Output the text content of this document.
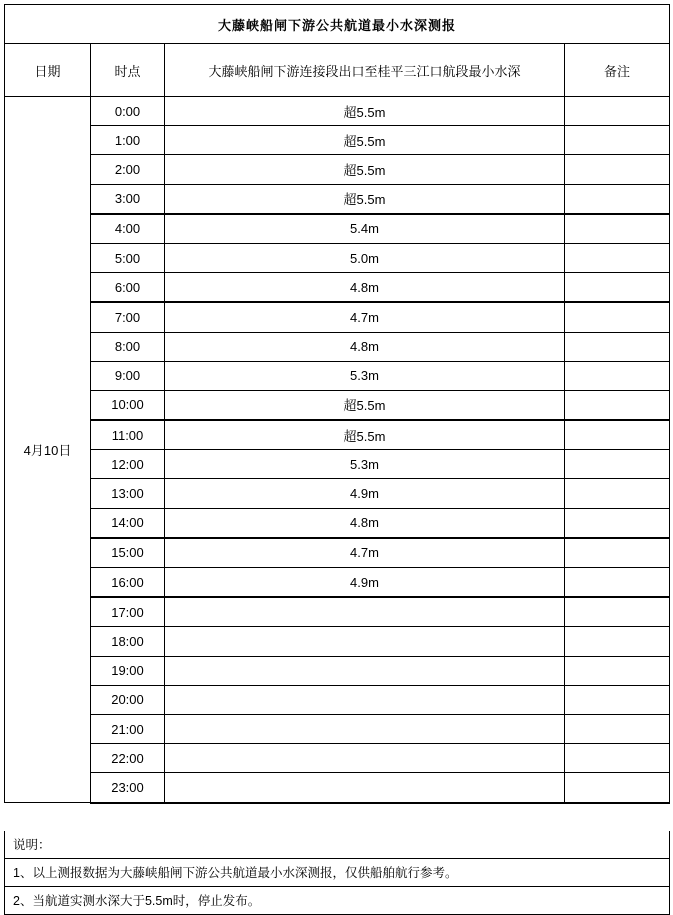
大藤峡船闸下游公共航道最小水深测报			
日期	时点	大藤峡船闸下游连接段出口至桂平三江口航段最小水深	备注
4月10日	0:00	超5.5m	
	1:00	超5.5m	
	2:00	超5.5m	
	3:00	超5.5m	
	4:00	5.4m	
	5:00	5.0m	
	6:00	4.8m	
	7:00	4.7m	
	8:00	4.8m	
	9:00	5.3m	
	10:00	超5.5m	
	11:00	超5.5m	
	12:00	5.3m	
	13:00	4.9m	
	14:00	4.8m	
	15:00	4.7m	
	16:00	4.9m	
	17:00		
	18:00		
	19:00		
	20:00		
	21:00		
	22:00		
	23:00		

说明：
1、以上测报数据为大藤峡船闸下游公共航道最小水深测报，仅供船舶航行参考。
2、当航道实测水深大于5.5m时，停止发布。
